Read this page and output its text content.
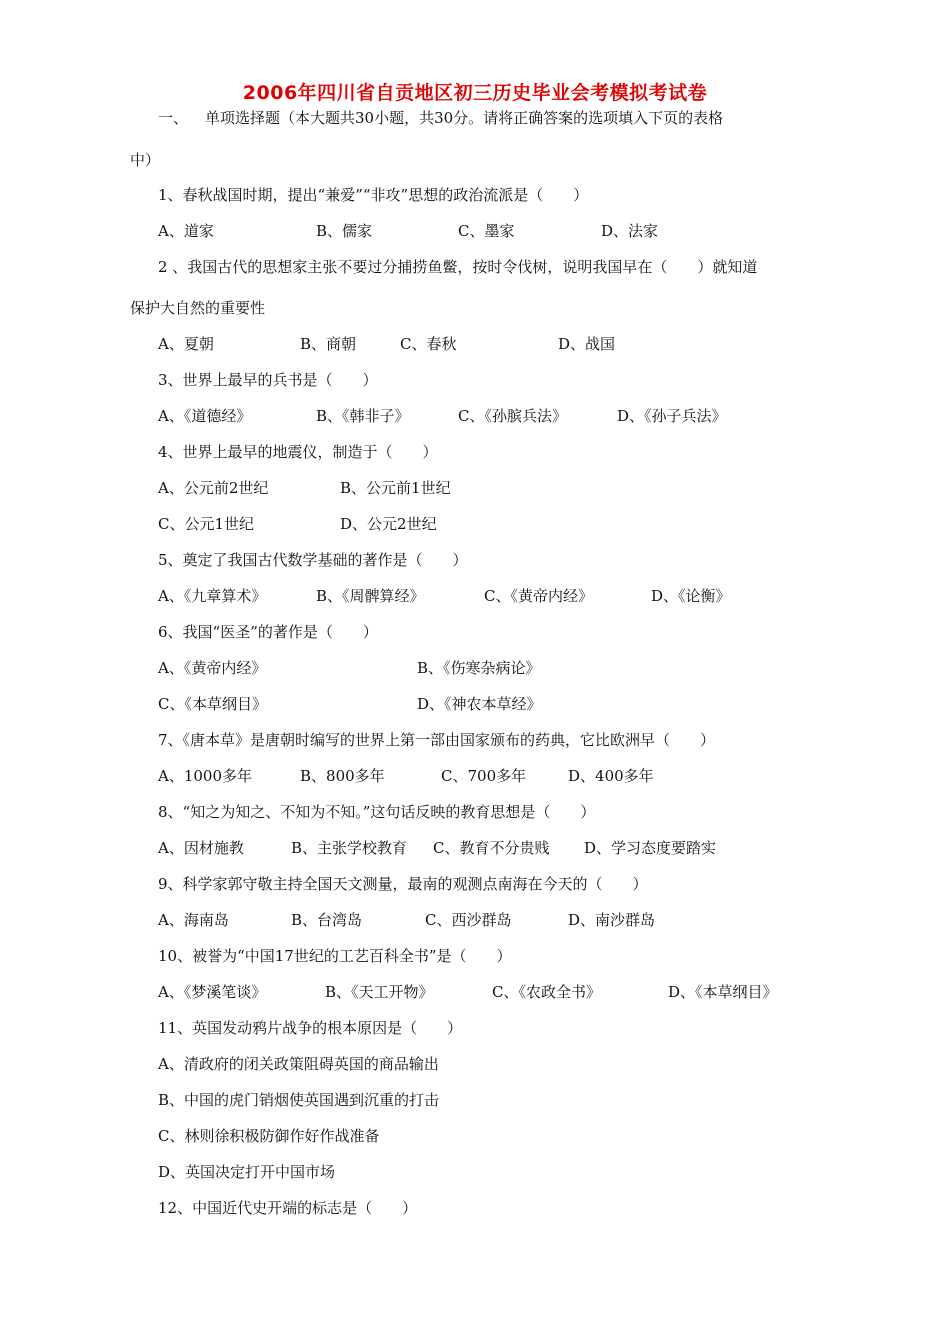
2006年四川省自贡地区初三历史毕业会考模拟考试卷
一、 单项选择题（本大题共30小题，共30分。请将正确答案的选项填入下页的表格
中）
1、春秋战国时期，提出“兼爱”“非攻”思想的政治流派是（　　）
A、道家	B、儒家	C、墨家	D、法家
2 、我国古代的思想家主张不要过分捕捞鱼鳖，按时令伐树，说明我国早在（　　）就知道
保护大自然的重要性
A、夏朝	B、商朝	C、春秋	D、战国
3、世界上最早的兵书是（　　）
A、《道德经》	B、《韩非子》	C、《孙膑兵法》	D、《孙子兵法》
4、世界上最早的地震仪，制造于（　　）
A、公元前2世纪	B、公元前1世纪
C、公元1世纪	D、公元2世纪
5、奠定了我国古代数学基础的著作是（　　）
A、《九章算术》	B、《周髀算经》	C、《黄帝内经》	D、《论衡》
6、我国“医圣”的著作是（　　）
A、《黄帝内经》	B、《伤寒杂病论》
C、《本草纲目》	D、《神农本草经》
7、《唐本草》是唐朝时编写的世界上第一部由国家颁布的药典，它比欧洲早（　　）
A、1000多年	B、800多年	C、700多年	D、400多年
8、“知之为知之、不知为不知。”这句话反映的教育思想是（　　）
A、因材施教	B、主张学校教育 C、教育不分贵贱 D、学习态度要踏实
9、科学家郭守敬主持全国天文测量，最南的观测点南海在今天的（　　）
A、海南岛	B、台湾岛	C、西沙群岛	D、南沙群岛
10、被誉为“中国17世纪的工艺百科全书”是（　　）
A、《梦溪笔谈》	B、《天工开物》	C、《农政全书》	D、《本草纲目》
11、英国发动鸦片战争的根本原因是（　　）
A、清政府的闭关政策阻碍英国的商品输出
B、中国的虎门销烟使英国遇到沉重的打击
C、林则徐积极防御作好作战准备
D、英国决定打开中国市场
12、中国近代史开端的标志是（　　）
